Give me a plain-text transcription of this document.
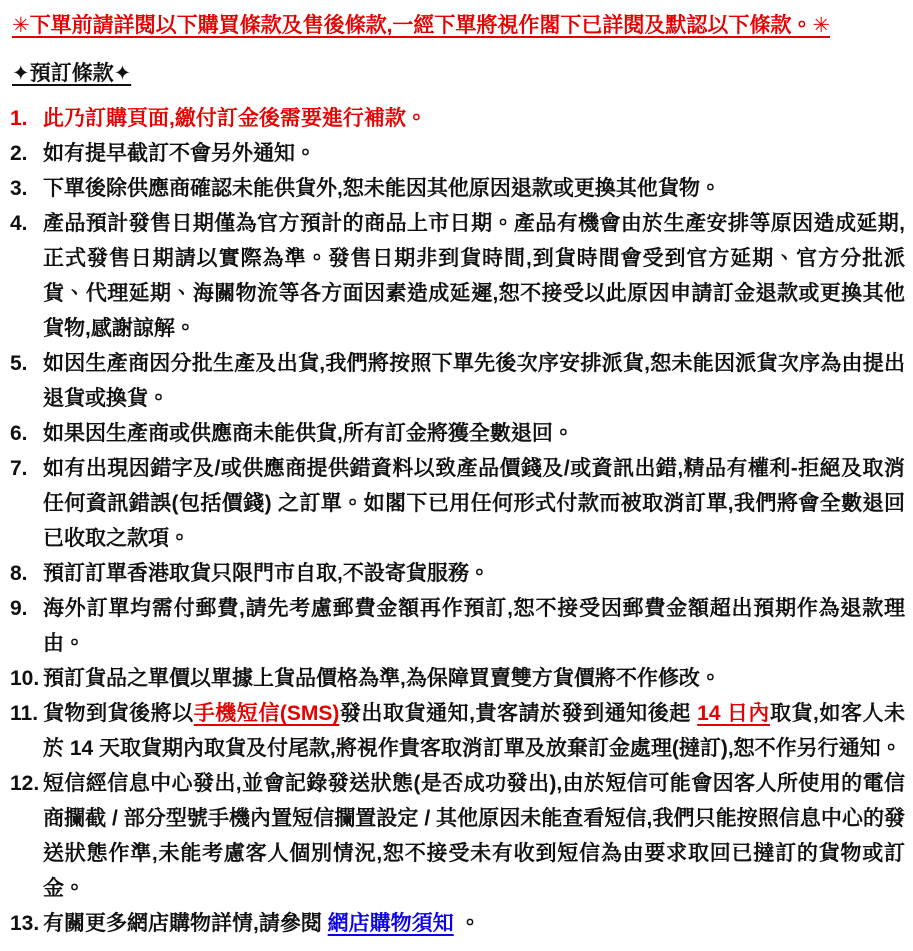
✳下單前請詳閱以下購買條款及售後條款,一經下單將視作閣下已詳閱及默認以下條款。✳
✦預訂條款✦
1. 此乃訂購頁面,繳付訂金後需要進行補款。
2. 如有提早截訂不會另外通知。
3. 下單後除供應商確認未能供貨外,恕未能因其他原因退款或更換其他貨物。
4. 產品預計發售日期僅為官方預計的商品上市日期。產品有機會由於生產安排等原因造成延期,正式發售日期請以實際為準。發售日期非到貨時間,到貨時間會受到官方延期、官方分批派貨、代理延期、海關物流等各方面因素造成延遲,恕不接受以此原因申請訂金退款或更換其他貨物,感謝諒解。
5. 如因生產商因分批生產及出貨,我們將按照下單先後次序安排派貨,恕未能因派貨次序為由提出退貨或換貨。
6. 如果因生產商或供應商未能供貨,所有訂金將獲全數退回。
7. 如有出現因錯字及/或供應商提供錯資料以致產品價錢及/或資訊出錯,精品有權利-拒絕及取消任何資訊錯誤(包括價錢) 之訂單。如閣下已用任何形式付款而被取消訂單,我們將會全數退回已收取之款項。
8. 預訂訂單香港取貨只限門市自取,不設寄貨服務。
9. 海外訂單均需付郵費,請先考慮郵費金額再作預訂,恕不接受因郵費金額超出預期作為退款理由。
10. 預訂貨品之單價以單據上貨品價格為準,為保障買賣雙方貨價將不作修改。
11. 貨物到貨後將以手機短信(SMS)發出取貨通知,貴客請於發到通知後起 14 日內取貨,如客人未於 14 天取貨期內取貨及付尾款,將視作貴客取消訂單及放棄訂金處理(撻訂),恕不作另行通知。
12. 短信經信息中心發出,並會記錄發送狀態(是否成功發出),由於短信可能會因客人所使用的電信商攔截 / 部分型號手機內置短信攔置設定 / 其他原因未能查看短信,我們只能按照信息中心的發送狀態作準,未能考慮客人個別情況,恕不接受未有收到短信為由要求取回已撻訂的貨物或訂金。
13. 有關更多網店購物詳情,請參閱 網店購物須知 。
